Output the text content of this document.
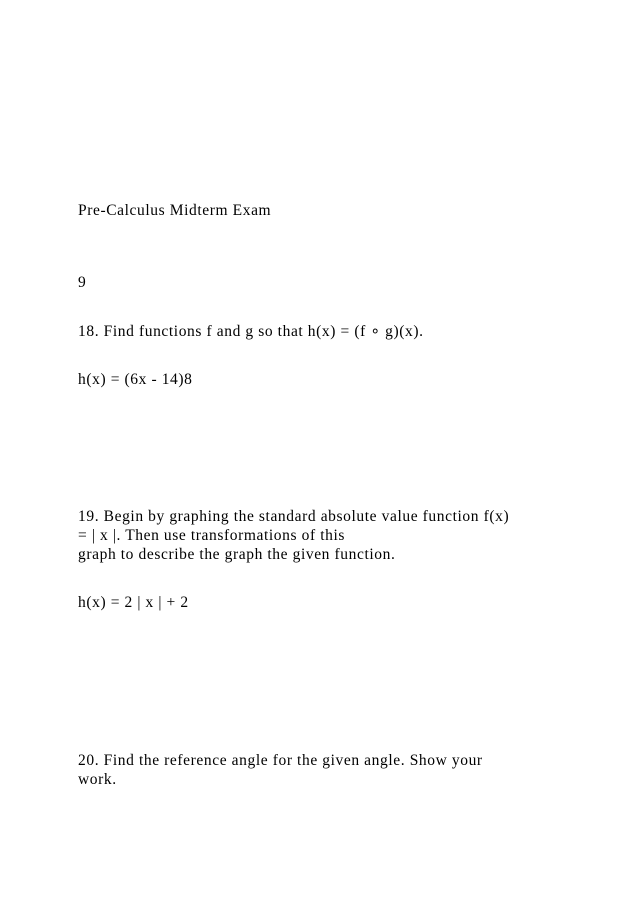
Pre-Calculus Midterm Exam
9
18. Find functions f and g so that h(x) = (f ∘ g)(x).
h(x) = (6x - 14)8
19. Begin by graphing the standard absolute value function f(x)
= | x |. Then use transformations of this
graph to describe the graph the given function.
h(x) = 2 | x | + 2
20. Find the reference angle for the given angle. Show your
work.
